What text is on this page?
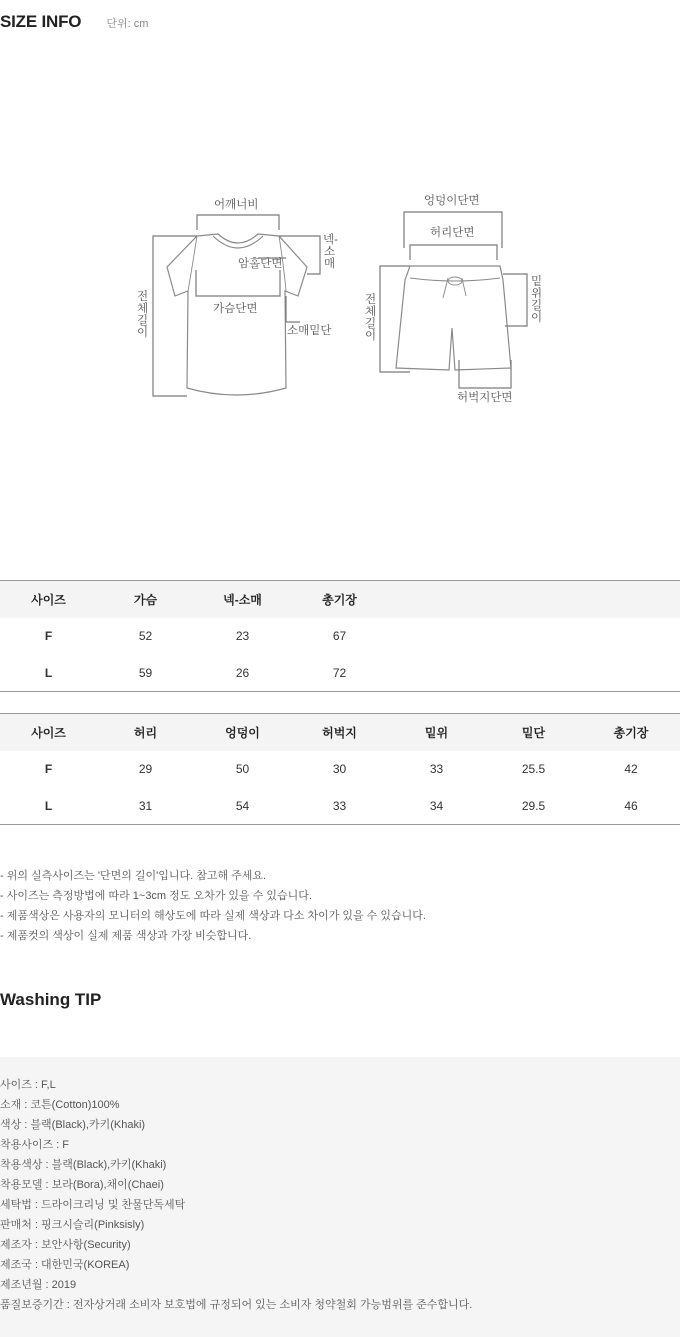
SIZE INFO 단위: cm
어깨너비
암홀단면
가슴단면
소매밑단
넥-소매
전체길이
엉덩이단면
허리단면
밑위길이
전체길이
허벅지단면
사이즈	가슴	넥-소매	총기장	
F	52	23	67	
L	59	26	72	
사이즈	허리	엉덩이	허벅지	밑위	밑단	총기장
F	29	50	30	33	25.5	42
L	31	54	33	34	29.5	46
- 위의 실측사이즈는 '단면의 길이'입니다. 참고해 주세요.
- 사이즈는 측정방법에 따라 1~3cm 정도 오차가 있을 수 있습니다.
- 제품색상은 사용자의 모니터의 해상도에 따라 실제 색상과 다소 차이가 있을 수 있습니다.
- 제품컷의 색상이 실제 제품 색상과 가장 비슷합니다.
Washing TIP
사이즈 : F,L
소재 : 코튼(Cotton)100%
색상 : 블랙(Black),카키(Khaki)
착용사이즈 : F
착용색상 : 블랙(Black),카키(Khaki)
착용모델 : 보라(Bora),채이(Chaei)
세탁법 : 드라이크리닝 및 찬물단독세탁
판매처 : 핑크시슬리(Pinksisly)
제조자 : 보안사항(Security)
제조국 : 대한민국(KOREA)
제조년월 : 2019
품질보증기간 : 전자상거래 소비자 보호법에 규정되어 있는 소비자 청약철회 가능범위를 준수합니다.
